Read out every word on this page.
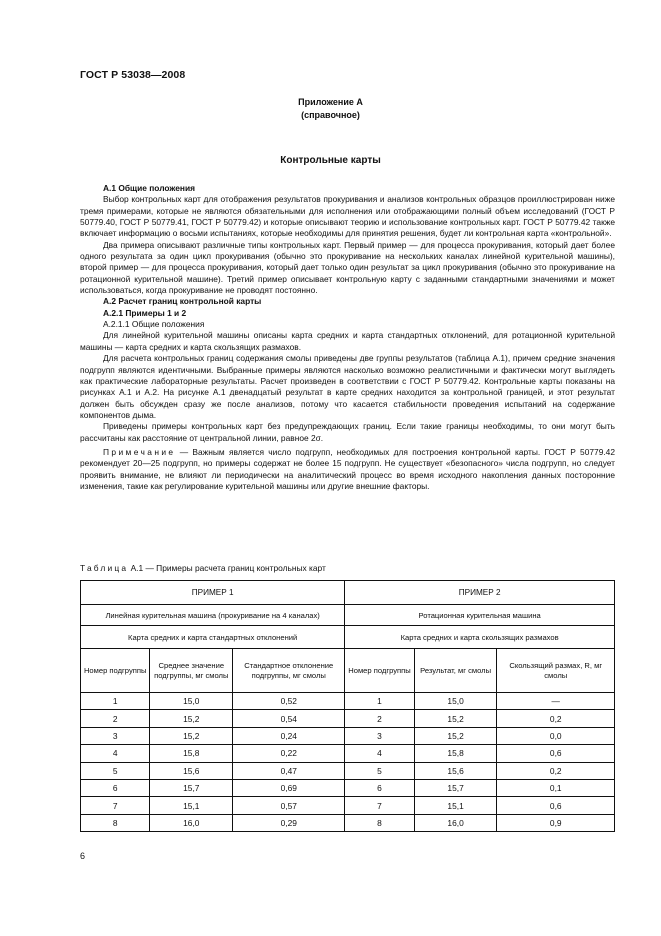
ГОСТ Р 53038—2008
Приложение А
(справочное)
Контрольные карты

А.1 Общие положения

Выбор контрольных карт для отображения результатов прокуривания и анализов контрольных образцов проиллюстрирован ниже тремя примерами, которые не являются обязательными для исполнения или отображающими полный объем исследований (ГОСТ Р 50779.40, ГОСТ Р 50779.41, ГОСТ Р 50779.42) и которые описывают теорию и использование контрольных карт. ГОСТ Р 50779.42 также включает информацию о восьми испытаниях, которые необходимы для принятия решения, будет ли контрольная карта «контрольной».

Два примера описывают различные типы контрольных карт. Первый пример — для процесса прокуривания, который дает более одного результата за один цикл прокуривания (обычно это прокуривание на нескольких каналах линейной курительной машины), второй пример — для процесса прокуривания, который дает только один результат за цикл прокуривания (обычно это прокуривание на ротационной курительной машине). Третий пример описывает контрольную карту с заданными стандартными значениями и может использоваться, когда прокуривание не проводят постоянно.

А.2 Расчет границ контрольной карты

А.2.1 Примеры 1 и 2

А.2.1.1 Общие положения

Для линейной курительной машины описаны карта средних и карта стандартных отклонений, для ротационной курительной машины — карта средних и карта скользящих размахов.

Для расчета контрольных границ содержания смолы приведены две группы результатов (таблица А.1), причем средние значения подгрупп являются идентичными. Выбранные примеры являются насколько возможно реалистичными и фактически могут выглядеть как практические лабораторные результаты. Расчет произведен в соответствии с ГОСТ Р 50779.42. Контрольные карты показаны на рисунках А.1 и А.2. На рисунке А.1 двенадцатый результат в карте средних находится за контрольной границей, и этот результат должен быть обсужден сразу же после анализов, потому что касается стабильности проведения испытаний на содержание компонентов дыма.

Приведены примеры контрольных карт без предупреждающих границ. Если такие границы необходимы, то они могут быть рассчитаны как расстояние от центральной линии, равное 2σ.

Примечание — Важным является число подгрупп, необходимых для построения контрольной карты. ГОСТ Р 50779.42 рекомендует 20—25 подгрупп, но примеры содержат не более 15 подгрупп. Не существует «безопасного» числа подгрупп, но следует проявить внимание, не влияют ли периодически на аналитический процесс во время исходного накопления данных посторонние изменения, такие как регулирование курительной машины или другие внешние факторы.

Таблица А.1 — Примеры расчета границ контрольных карт
ПРИМЕР 1			ПРИМЕР 2		
Линейная курительная машина (прокуривание на 4 каналах)			Ротационная курительная машина		
Карта средних и карта стандартных отклонений			Карта средних и карта скользящих размахов		
Номер подгруппы	Среднее значение подгруппы, мг смолы	Стандартное отклонение подгруппы, мг смолы	Номер подгруппы	Результат, мг смолы	Скользящий размах, R, мг смолы
1	15,0	0,52	1	15,0	—
2	15,2	0,54	2	15,2	0,2
3	15,2	0,24	3	15,2	0,0
4	15,8	0,22	4	15,8	0,6
5	15,6	0,47	5	15,6	0,2
6	15,7	0,69	6	15,7	0,1
7	15,1	0,57	7	15,1	0,6
8	16,0	0,29	8	16,0	0,9
6
